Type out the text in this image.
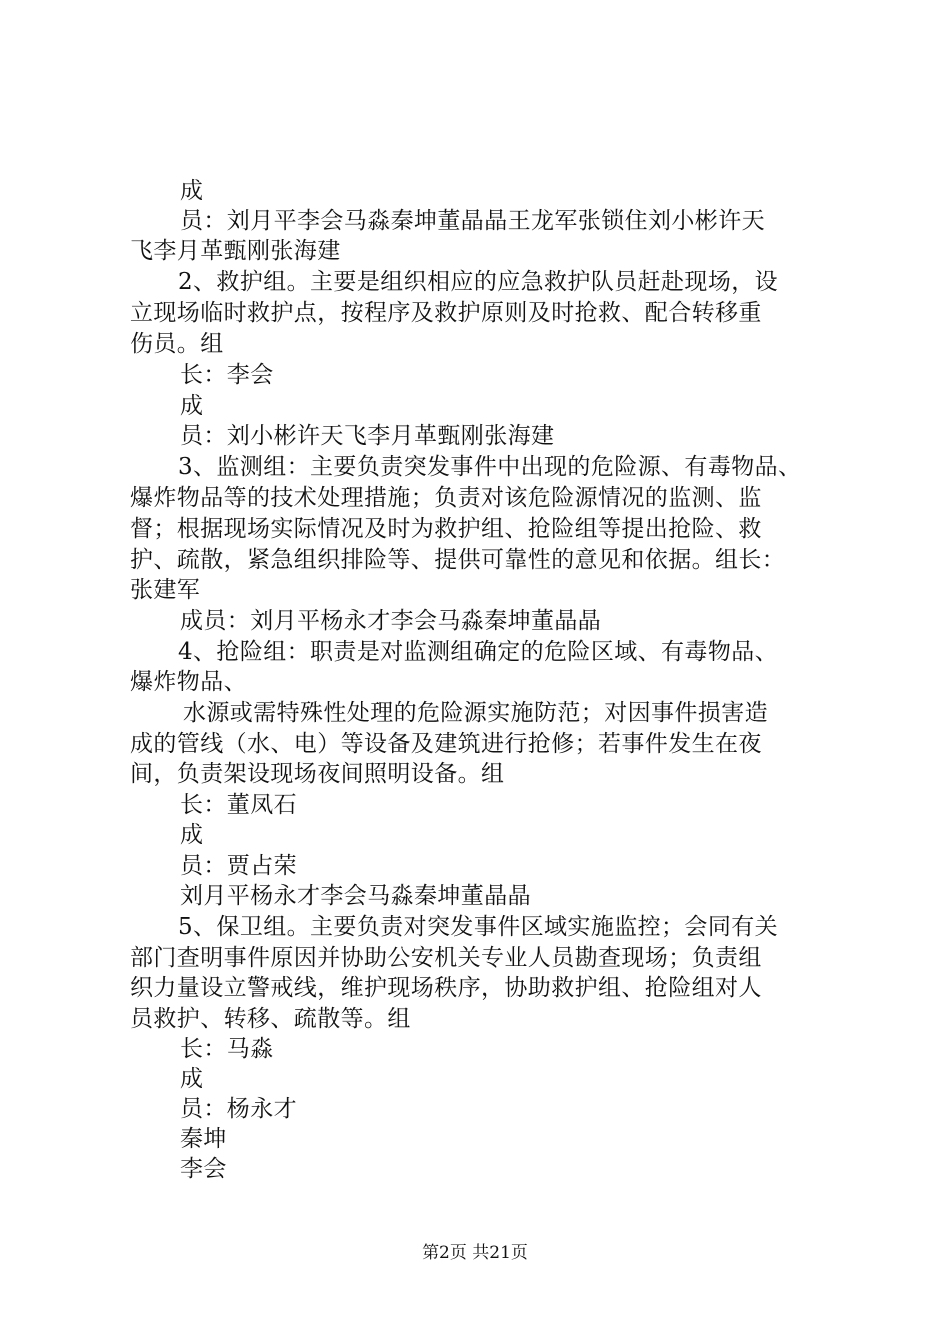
成
员：刘月平李会马淼秦坤董晶晶王龙军张锁住刘小彬许天
飞李月革甄刚张海建
2、救护组。主要是组织相应的应急救护队员赶赴现场，设
立现场临时救护点，按程序及救护原则及时抢救、配合转移重
伤员。组
长：李会
成
员：刘小彬许天飞李月革甄刚张海建
3、监测组：主要负责突发事件中出现的危险源、有毒物品、
爆炸物品等的技术处理措施；负责对该危险源情况的监测、监
督；根据现场实际情况及时为救护组、抢险组等提出抢险、救
护、疏散，紧急组织排险等、提供可靠性的意见和依据。组长：
张建军
成员：刘月平杨永才李会马淼秦坤董晶晶
4、抢险组：职责是对监测组确定的危险区域、有毒物品、
爆炸物品、
水源或需特殊性处理的危险源实施防范；对因事件损害造
成的管线（水、电）等设备及建筑进行抢修；若事件发生在夜
间，负责架设现场夜间照明设备。组
长：董凤石
成
员：贾占荣
刘月平杨永才李会马淼秦坤董晶晶
5、保卫组。主要负责对突发事件区域实施监控；会同有关
部门查明事件原因并协助公安机关专业人员勘查现场；负责组
织力量设立警戒线，维护现场秩序，协助救护组、抢险组对人
员救护、转移、疏散等。组
长：马淼
成
员：杨永才
秦坤
李会
第2页 共21页
